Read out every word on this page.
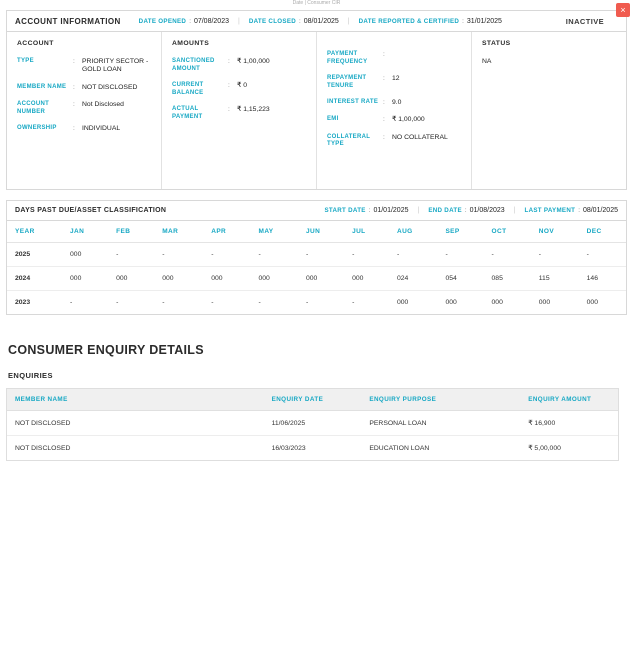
Date | Consumer CIR
ACCOUNT INFORMATION	DATE OPENED : 07/08/2023 | DATE CLOSED : 08/01/2025 | DATE REPORTED & CERTIFIED : 31/01/2025	INACTIVE
×
ACCOUNT
TYPE	:	PRIORITY SECTOR - GOLD LOAN
MEMBER NAME	:	NOT DISCLOSED
ACCOUNT NUMBER
:	Not Disclosed
OWNERSHIP	:	INDIVIDUAL
AMOUNTS
SANCTIONED AMOUNT
:	₹ 1,00,000
CURRENT BALANCE
:	₹ 0
ACTUAL PAYMENT
:	₹ 1,15,223
PAYMENT FREQUENCY
:
REPAYMENT TENURE
:	12
INTEREST RATE :	9.0
EMI	:	₹ 1,00,000
COLLATERAL TYPE
:	NO COLLATERAL
STATUS
NA
DAYS PAST DUE/ASSET CLASSIFICATION	START DATE : 01/01/2025 | END DATE : 01/08/2023 | LAST PAYMENT : 08/01/2025
YEAR	JAN	FEB	MAR	APR	MAY	JUN	JUL	AUG	SEP	OCT	NOV	DEC
2025	000	-	-	-	-	-	-	-	-	-	-	-
2024	000	000	000	000	000	000	000	024	054	085	115	146
2023	-	-	-	-	-	-	-	000	000	000	000	000
CONSUMER ENQUIRY DETAILS
ENQUIRIES
MEMBER NAME	ENQUIRY DATE	ENQUIRY PURPOSE	ENQUIRY AMOUNT
NOT DISCLOSED	11/06/2025	PERSONAL LOAN	₹ 16,900
NOT DISCLOSED	16/03/2023	EDUCATION LOAN	₹ 5,00,000
